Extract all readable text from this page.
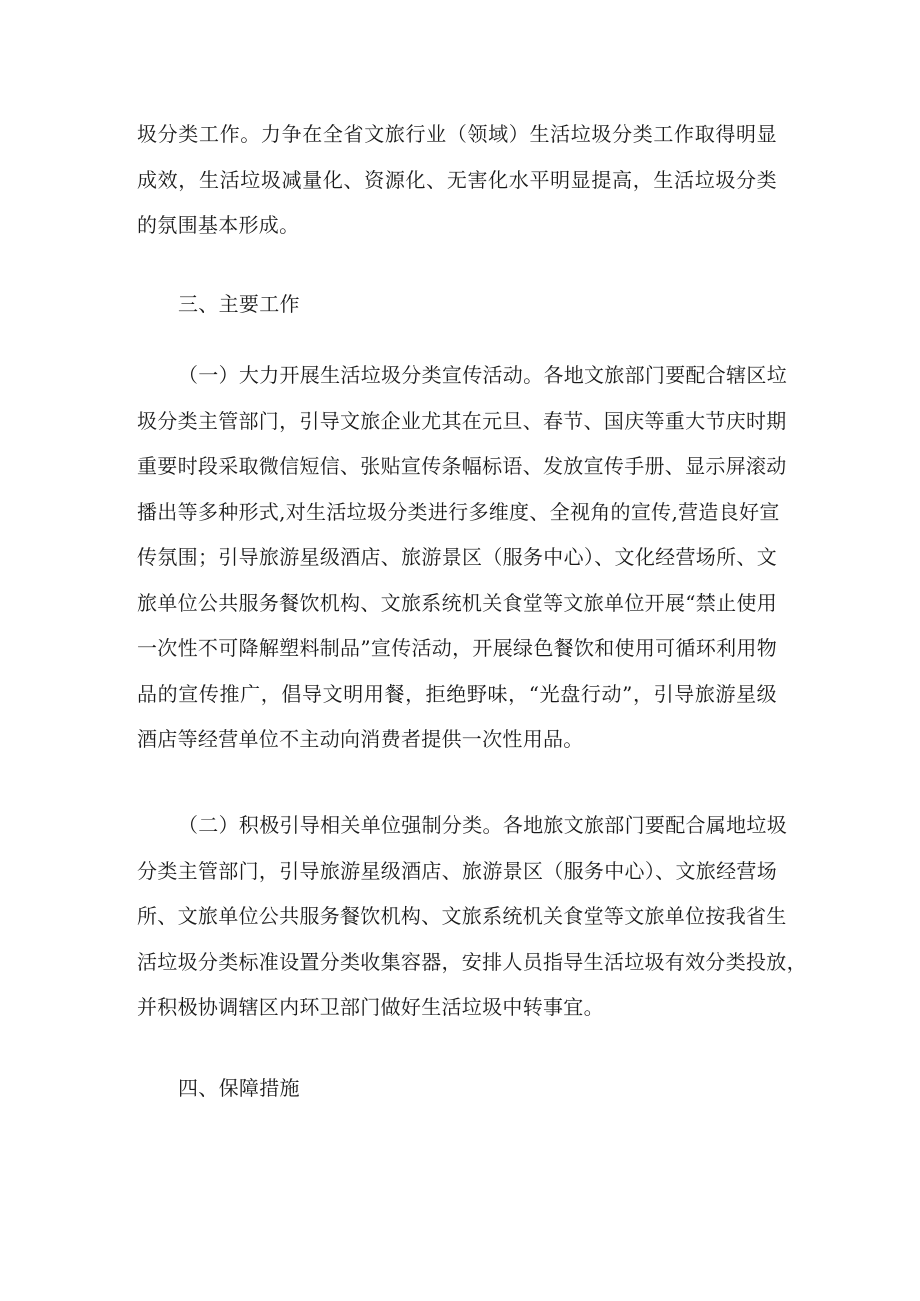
圾分类工作。力争在全省文旅行业（领域）生活垃圾分类工作取得明显
成效，生活垃圾减量化、资源化、无害化水平明显提高，生活垃圾分类
的氛围基本形成。

三、主要工作

（一）大力开展生活垃圾分类宣传活动。各地文旅部门要配合辖区垃
圾分类主管部门，引导文旅企业尤其在元旦、春节、国庆等重大节庆时期
重要时段采取微信短信、张贴宣传条幅标语、发放宣传手册、显示屏滚动
播出等多种形式,对生活垃圾分类进行多维度、全视角的宣传,营造良好宣
传氛围；引导旅游星级酒店、旅游景区（服务中心）、文化经营场所、文
旅单位公共服务餐饮机构、文旅系统机关食堂等文旅单位开展“禁止使用
一次性不可降解塑料制品”宣传活动，开展绿色餐饮和使用可循环利用物
品的宣传推广，倡导文明用餐，拒绝野味，“光盘行动”，引导旅游星级
酒店等经营单位不主动向消费者提供一次性用品。

（二）积极引导相关单位强制分类。各地旅文旅部门要配合属地垃圾
分类主管部门，引导旅游星级酒店、旅游景区（服务中心）、文旅经营场
所、文旅单位公共服务餐饮机构、文旅系统机关食堂等文旅单位按我省生
活垃圾分类标准设置分类收集容器，安排人员指导生活垃圾有效分类投放，
并积极协调辖区内环卫部门做好生活垃圾中转事宜。

四、保障措施
